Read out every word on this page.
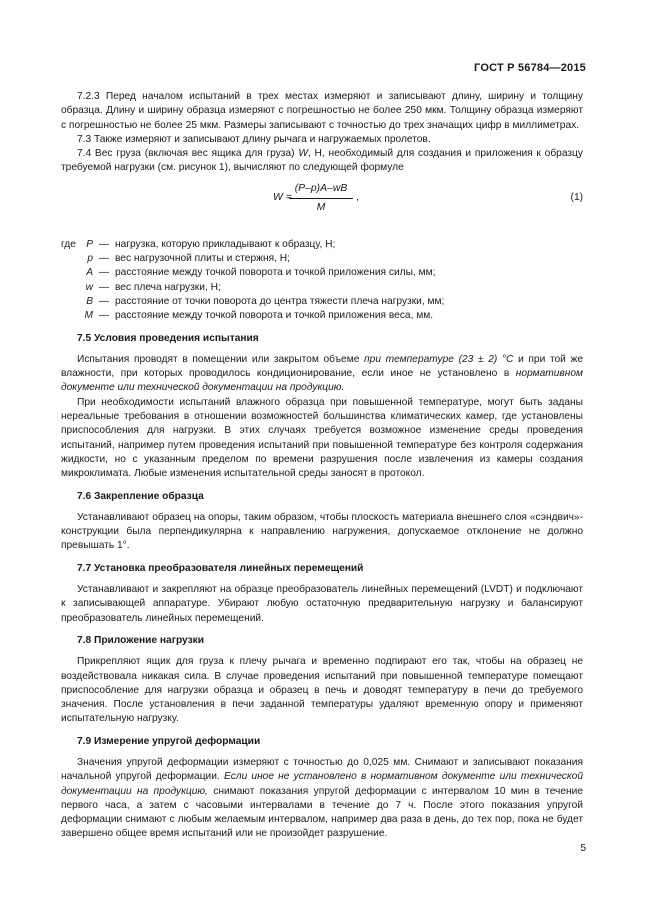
ГОСТ Р 56784—2015

7.2.3 Перед началом испытаний в трех местах измеряют и записывают длину, ширину и толщину образца. Длину и ширину образца измеряют с погрешностью не более 250 мкм. Толщину образца измеряют с погрешностью не более 25 мкм. Размеры записывают с точностью до трех значащих цифр в миллиметрах.

7.3 Также измеряют и записывают длину рычага и нагружаемых пролетов.

7.4 Вес груза (включая вес ящика для груза) W, Н, необходимый для создания и приложения к образцу требуемой нагрузки (см. рисунок 1), вычисляют по следующей формуле

W =
$\frac{(P-p)A-wB}{M}$ ,	(1)
где	P — нагрузка, которую прикладывают к образцу, Н;
p — вес нагрузочной плиты и стержня, Н;
A — расстояние между точкой поворота и точкой приложения силы, мм;
w — вес плеча нагрузки, Н;
B — расстояние от точки поворота до центра тяжести плеча нагрузки, мм;
M — расстояние между точкой поворота и точкой приложения веса, мм.
7.5 Условия проведения испытания

Испытания проводят в помещении или закрытом объеме при температуре (23 ± 2) °С и при той же влажности, при которых проводилось кондиционирование, если иное не установлено в нормативном документе или технической документации на продукцию.

При необходимости испытаний влажного образца при повышенной температуре, могут быть заданы нереальные требования в отношении возможностей большинства климатических камер, где установлены приспособления для нагрузки. В этих случаях требуется возможное изменение среды проведения испытаний, например путем проведения испытаний при повышенной температуре без контроля содержания жидкости, но с указанным пределом по времени разрушения после извлечения из камеры создания микроклимата. Любые изменения испытательной среды заносят в протокол.

7.6 Закрепление образца

Устанавливают образец на опоры, таким образом, чтобы плоскость материала внешнего слоя «сэндвич»-конструкции была перпендикулярна к направлению нагружения, допускаемое отклонение не должно превышать 1°.

7.7 Установка преобразователя линейных перемещений

Устанавливают и закрепляют на образце преобразователь линейных перемещений (LVDT) и подключают к записывающей аппаратуре. Убирают любую остаточную предварительную нагрузку и балансируют преобразователь линейных перемещений.

7.8 Приложение нагрузки

Прикрепляют ящик для груза к плечу рычага и временно подпирают его так, чтобы на образец не воздействовала никакая сила. В случае проведения испытаний при повышенной температуре помещают приспособление для нагрузки образца и образец в печь и доводят температуру в печи до требуемого значения. После установления в печи заданной температуры удаляют временную опору и применяют испытательную нагрузку.

7.9 Измерение упругой деформации

Значения упругой деформации измеряют с точностью до 0,025 мм. Снимают и записывают показания начальной упругой деформации. Если иное не установлено в нормативном документе или технической документации на продукцию, снимают показания упругой деформации с интервалом 10 мин в течение первого часа, а затем с часовыми интервалами в течение до 7 ч. После этого показания упругой деформации снимают с любым желаемым интервалом, например два раза в день, до тех пор, пока не будет завершено общее время испытаний или не произойдет разрушение.

5
